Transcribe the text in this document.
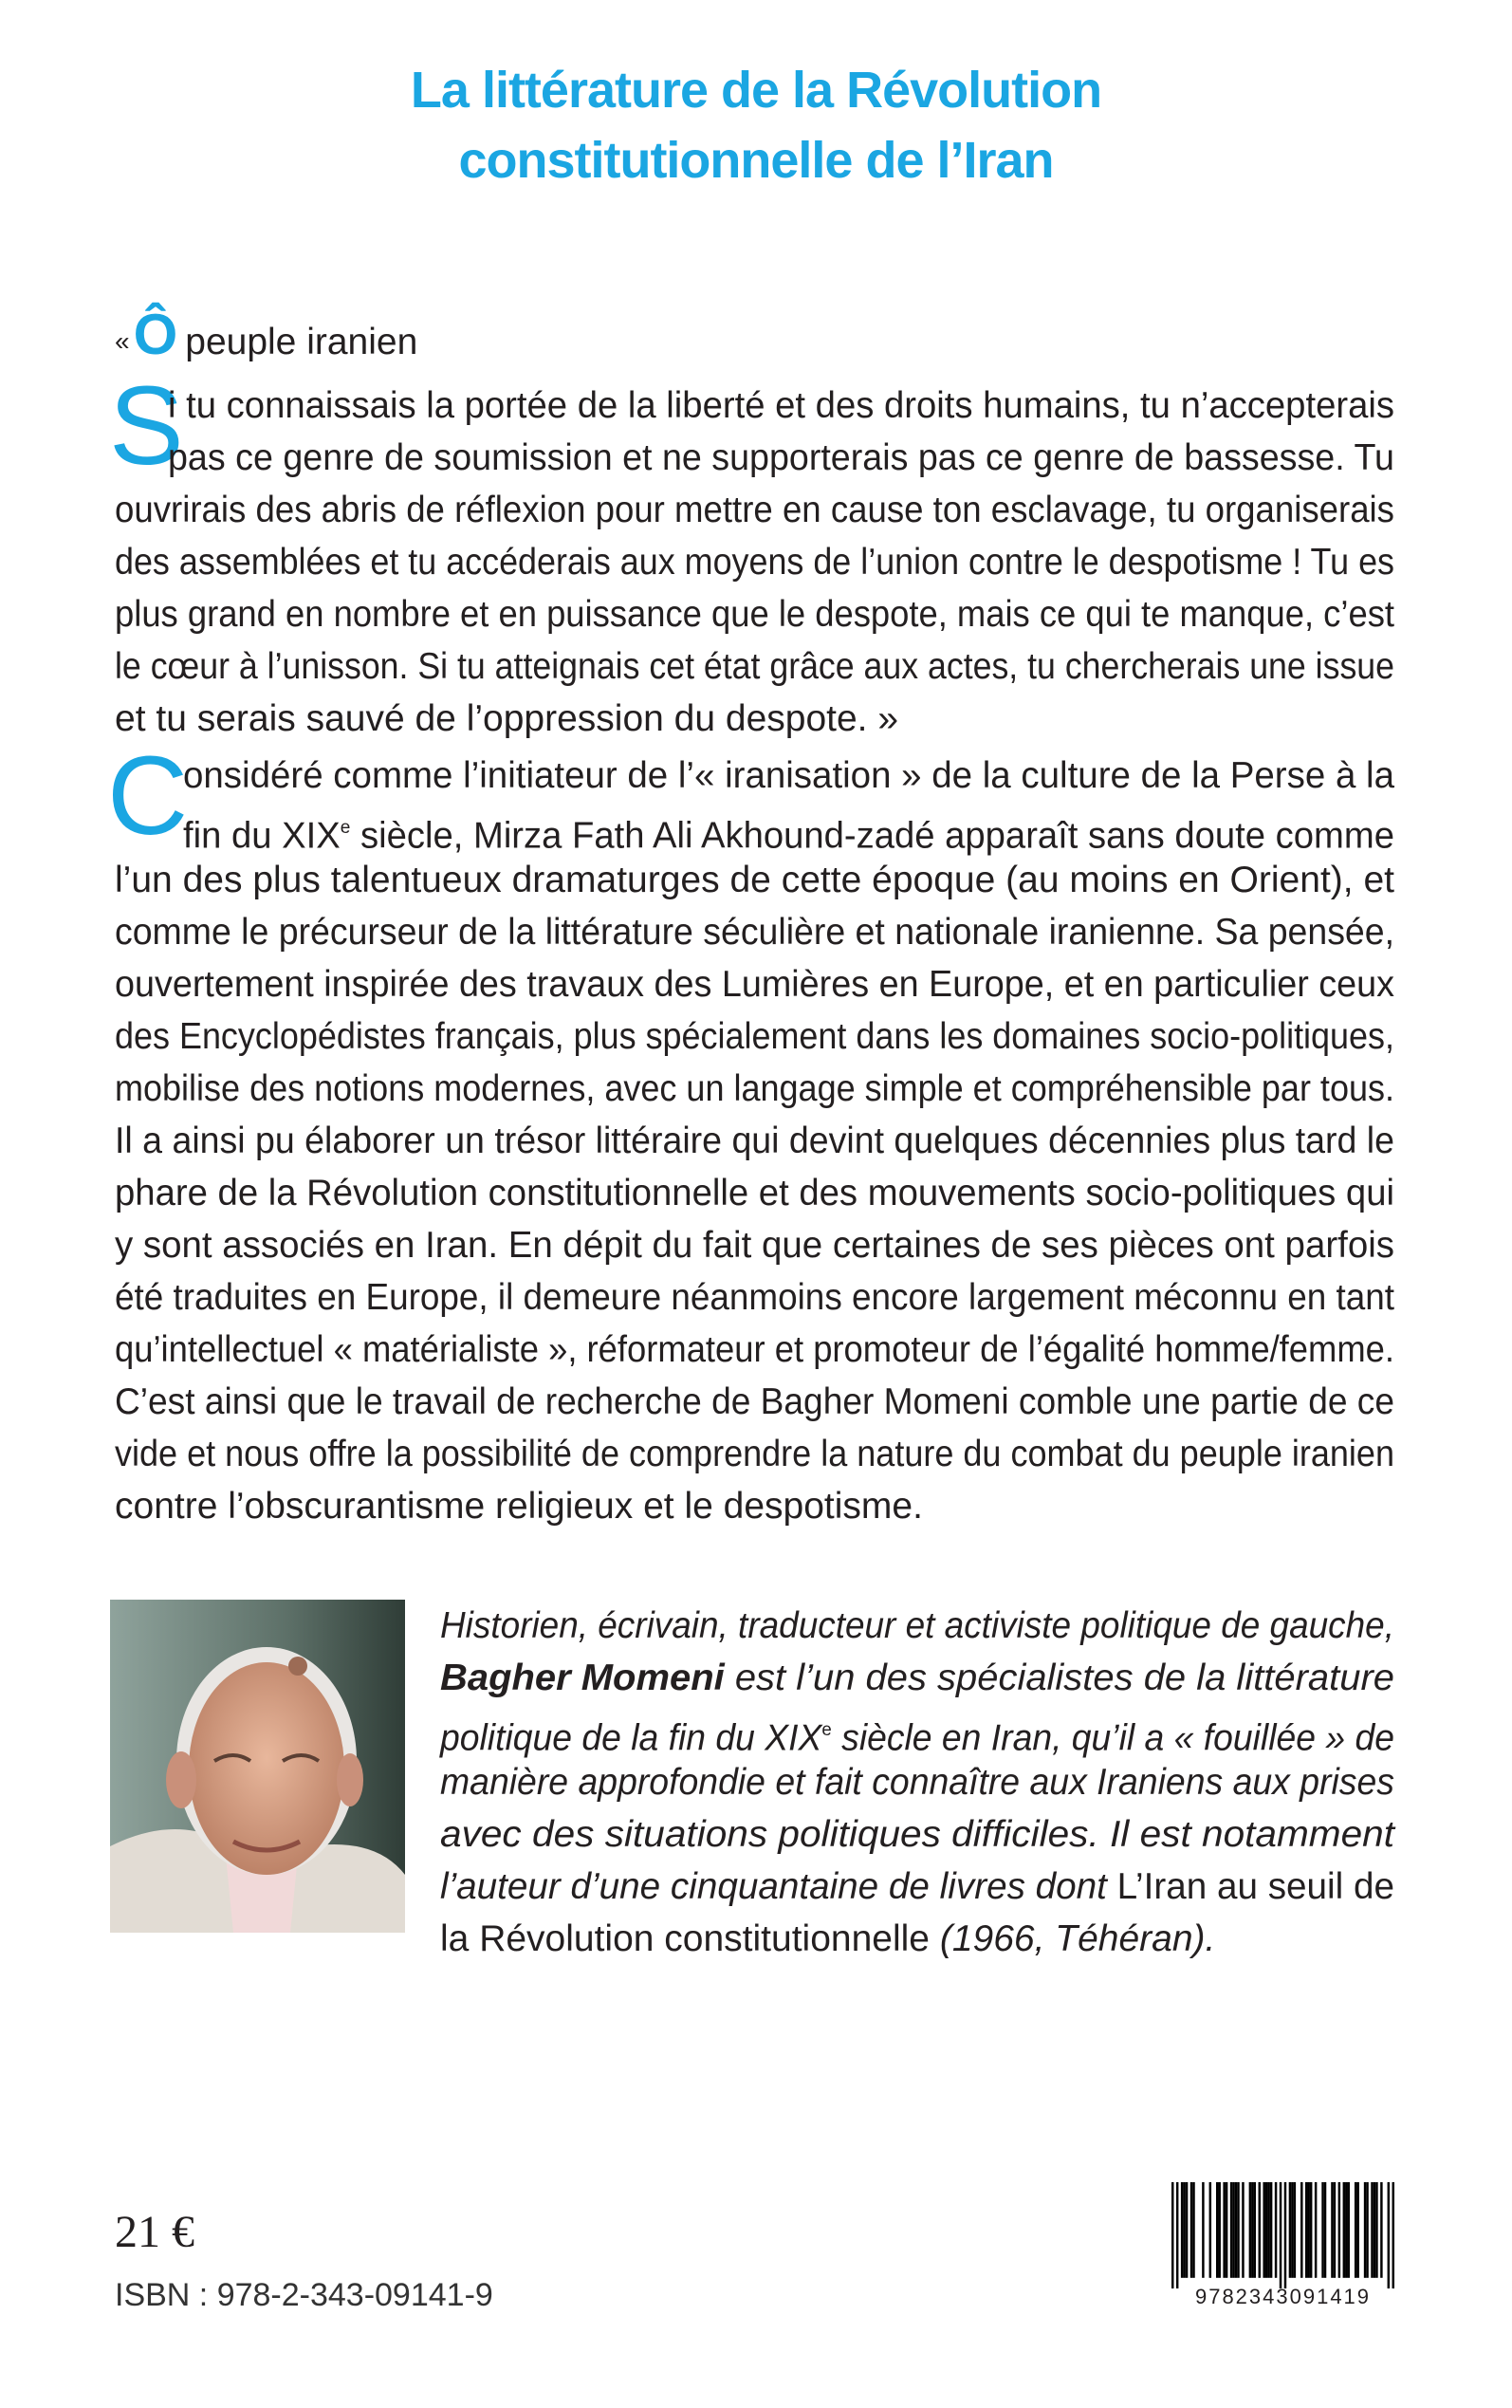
La littérature de la Révolution
constitutionnelle de l’Iran
«Ô peuple iranien
S
i tu connaissais la portée de la liberté et des droits humains, tu n’accepterais
pas ce genre de soumission et ne supporterais pas ce genre de bassesse. Tu
ouvrirais des abris de réflexion pour mettre en cause ton esclavage, tu organiserais
des assemblées et tu accéderais aux moyens de l’union contre le despotisme ! Tu es
plus grand en nombre et en puissance que le despote, mais ce qui te manque, c’est
le cœur à l’unisson. Si tu atteignais cet état grâce aux actes, tu chercherais une issue
et tu serais sauvé de l’oppression du despote. »
C
onsidéré comme l’initiateur de l’« iranisation » de la culture de la Perse à la
fin du XIXe siècle, Mirza Fath Ali Akhound-zadé apparaît sans doute comme
l’un des plus talentueux dramaturges de cette époque (au moins en Orient), et
comme le précurseur de la littérature séculière et nationale iranienne. Sa pensée,
ouvertement inspirée des travaux des Lumières en Europe, et en particulier ceux
des Encyclopédistes français, plus spécialement dans les domaines socio-politiques,
mobilise des notions modernes, avec un langage simple et compréhensible par tous.
Il a ainsi pu élaborer un trésor littéraire qui devint quelques décennies plus tard le
phare de la Révolution constitutionnelle et des mouvements socio-politiques qui
y sont associés en Iran. En dépit du fait que certaines de ses pièces ont parfois
été traduites en Europe, il demeure néanmoins encore largement méconnu en tant
qu’intellectuel « matérialiste », réformateur et promoteur de l’égalité homme/femme.
C’est ainsi que le travail de recherche de Bagher Momeni comble une partie de ce
vide et nous offre la possibilité de comprendre la nature du combat du peuple iranien
contre l’obscurantisme religieux et le despotisme.
Historien, écrivain, traducteur et activiste politique de gauche,
Bagher Momeni est l’un des spécialistes de la littérature
politique de la fin du XIXe siècle en Iran, qu’il a « fouillée » de
manière approfondie et fait connaître aux Iraniens aux prises
avec des situations politiques difficiles. Il est notamment
l’auteur d’une cinquantaine de livres dont L’Iran au seuil de
la Révolution constitutionnelle (1966, Téhéran).
21 €
ISBN : 978-2-343-09141-9	9782343091419
